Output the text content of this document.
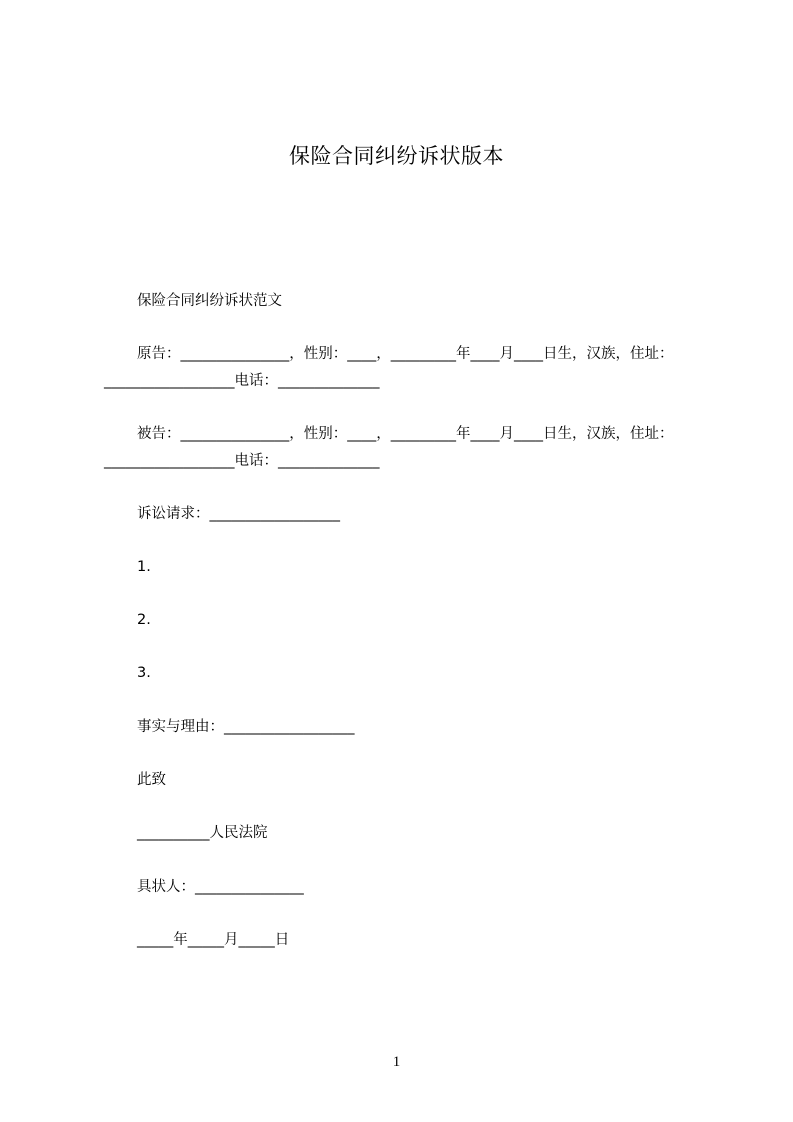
保险合同纠纷诉状版本
保险合同纠纷诉状范文
原告：_______________，性别：____，_________年____月____日生，汉族，住址：
__________________电话：______________
被告：_______________，性别：____，_________年____月____日生，汉族，住址：
__________________电话：______________
诉讼请求：__________________
1.
2.
3.
事实与理由：__________________
此致
__________人民法院
具状人：_______________
_____年_____月_____日
1
